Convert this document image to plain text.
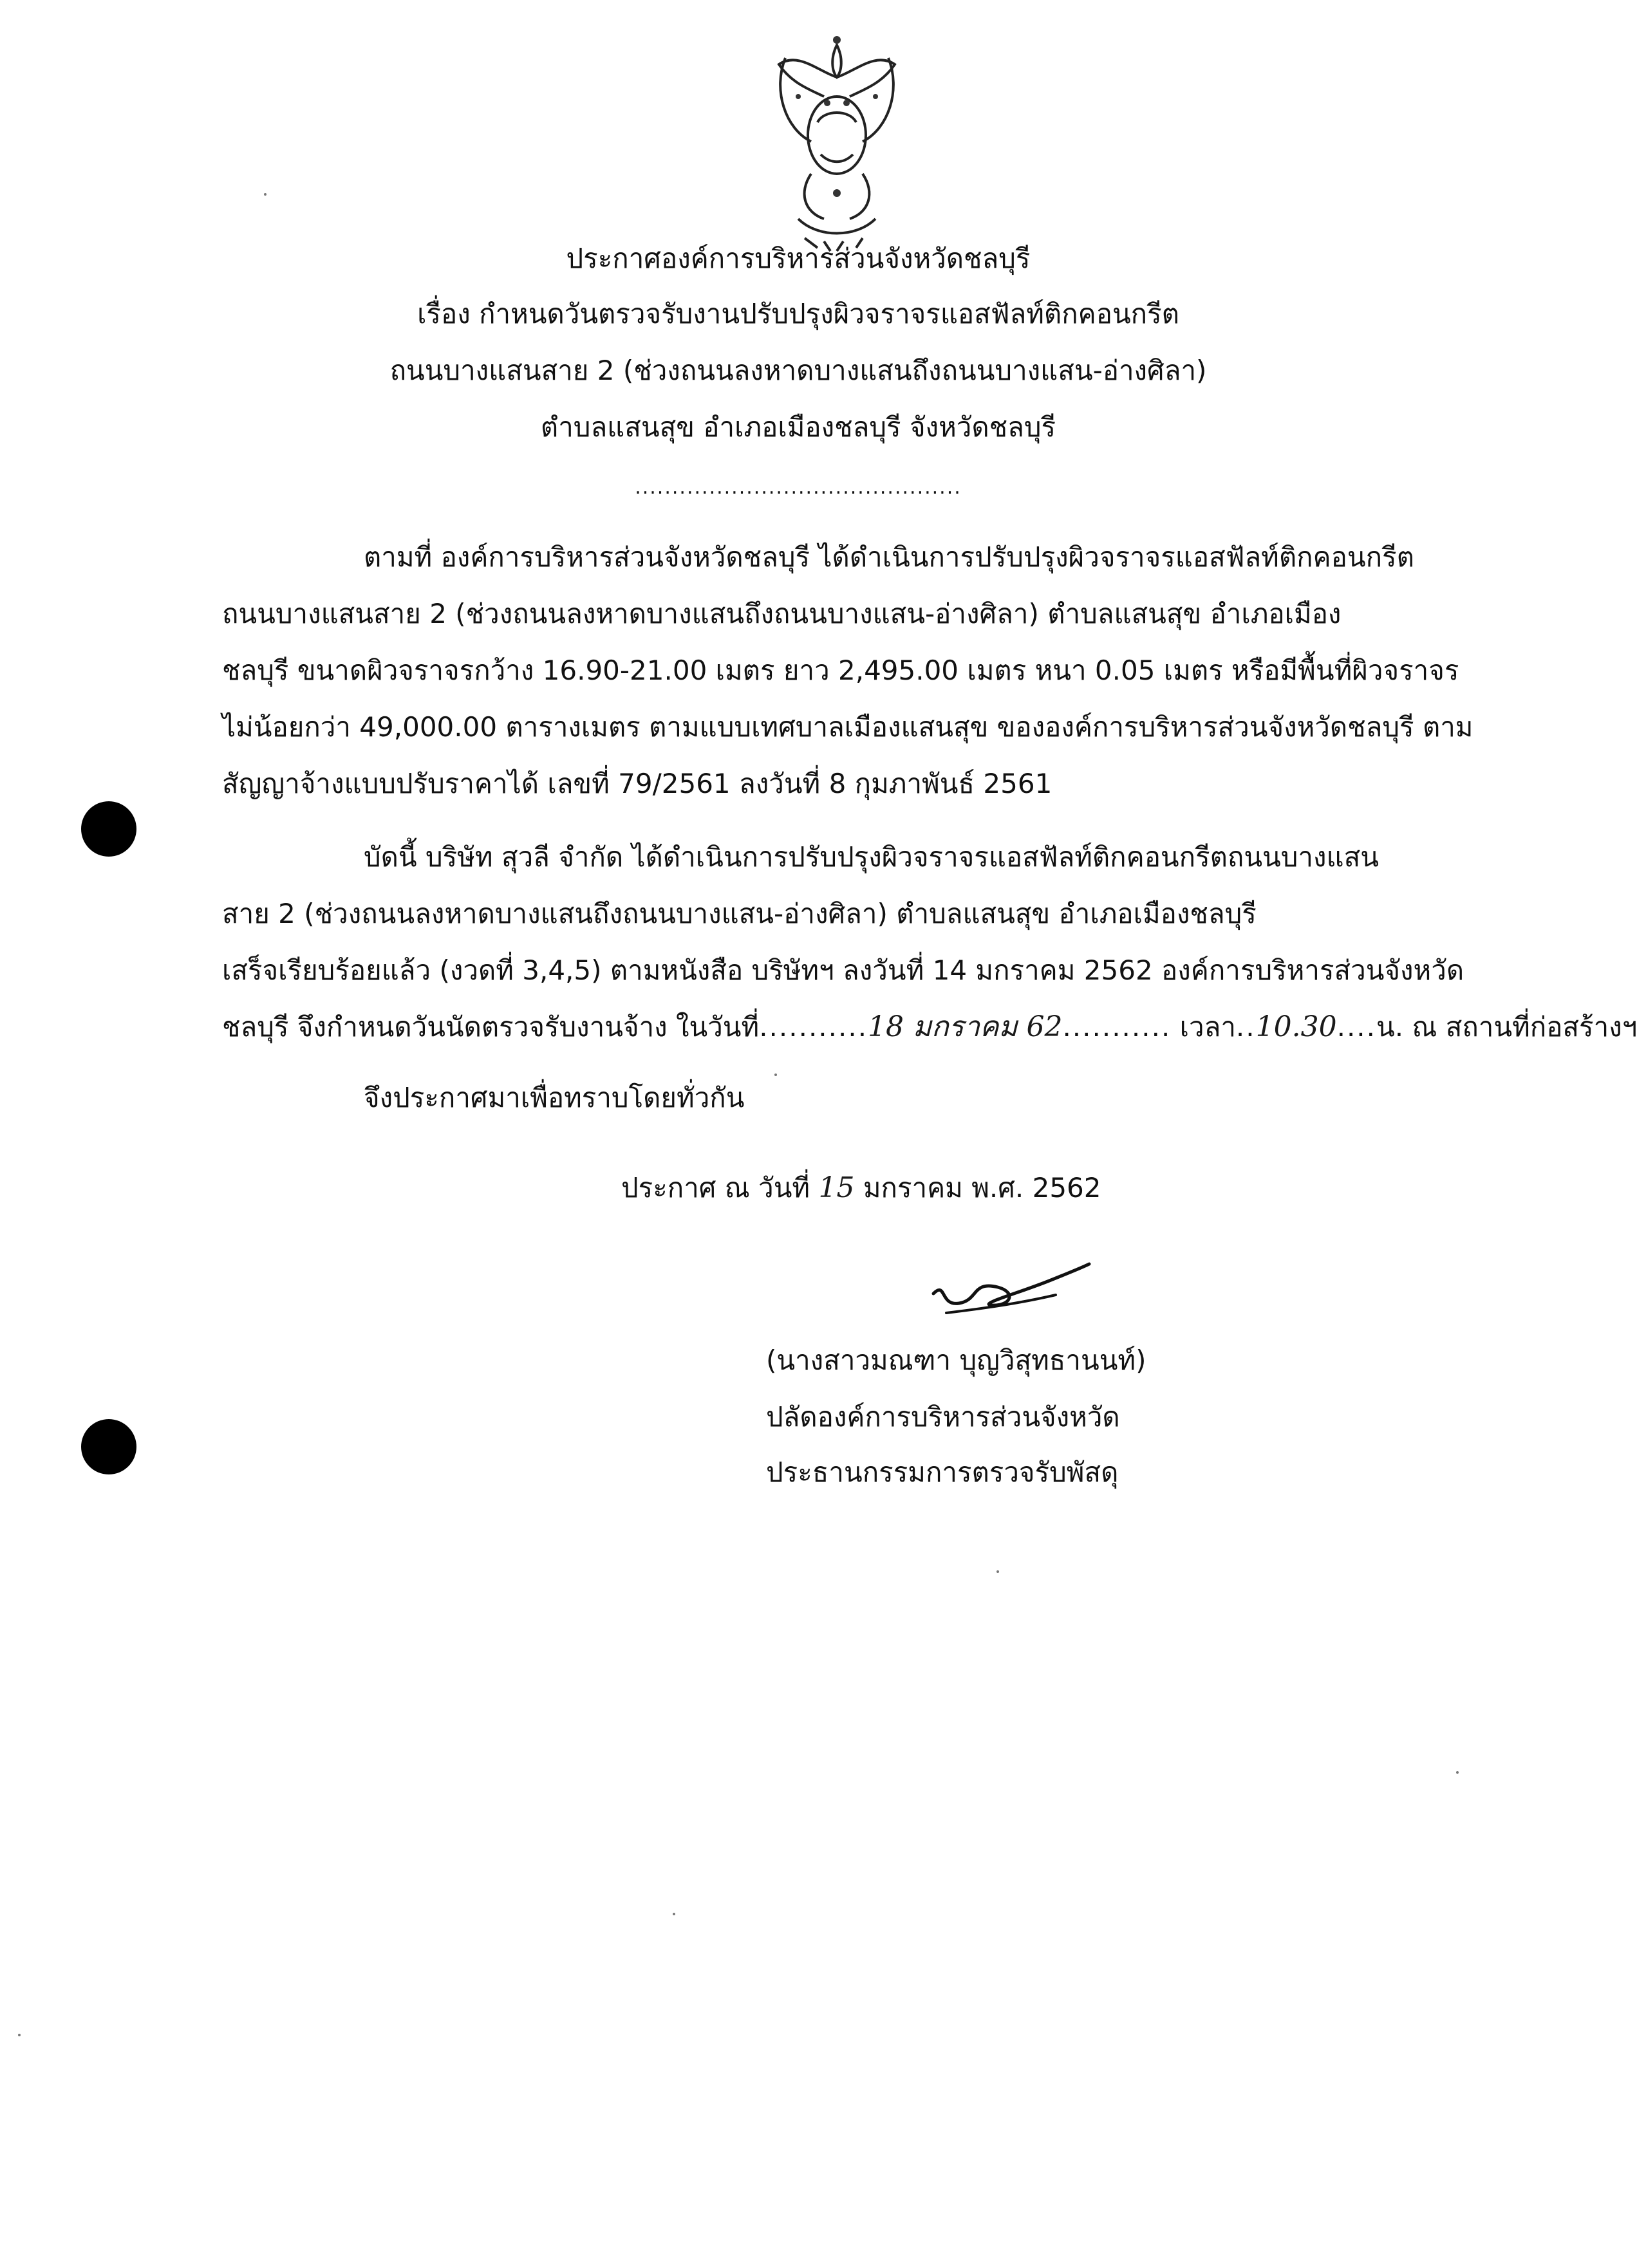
ประกาศองค์การบริหารส่วนจังหวัดชลบุรี
เรื่อง กำหนดวันตรวจรับงานปรับปรุงผิวจราจรแอสฟัลท์ติกคอนกรีต
ถนนบางแสนสาย 2 (ช่วงถนนลงหาดบางแสนถึงถนนบางแสน-อ่างศิลา)
ตำบลแสนสุข อำเภอเมืองชลบุรี จังหวัดชลบุรี
............................................
ตามที่ องค์การบริหารส่วนจังหวัดชลบุรี ได้ดำเนินการปรับปรุงผิวจราจรแอสฟัลท์ติกคอนกรีต
ถนนบางแสนสาย 2 (ช่วงถนนลงหาดบางแสนถึงถนนบางแสน-อ่างศิลา) ตำบลแสนสุข อำเภอเมือง
ชลบุรี ขนาดผิวจราจรกว้าง 16.90-21.00 เมตร ยาว 2,495.00 เมตร หนา 0.05 เมตร หรือมีพื้นที่ผิวจราจร
ไม่น้อยกว่า 49,000.00 ตารางเมตร ตามแบบเทศบาลเมืองแสนสุข ขององค์การบริหารส่วนจังหวัดชลบุรี ตาม
สัญญาจ้างแบบปรับราคาได้ เลขที่ 79/2561 ลงวันที่ 8 กุมภาพันธ์ 2561
บัดนี้ บริษัท สุวลี จำกัด ได้ดำเนินการปรับปรุงผิวจราจรแอสฟัลท์ติกคอนกรีตถนนบางแสน
สาย 2 (ช่วงถนนลงหาดบางแสนถึงถนนบางแสน-อ่างศิลา) ตำบลแสนสุข อำเภอเมืองชลบุรี
เสร็จเรียบร้อยแล้ว (งวดที่ 3,4,5) ตามหนังสือ บริษัทฯ ลงวันที่ 14 มกราคม 2562 องค์การบริหารส่วนจังหวัด
ชลบุรี จึงกำหนดวันนัดตรวจรับงานจ้าง ในวันที่...........18 มกราคม 62........... เวลา..10.30....น. ณ สถานที่ก่อสร้างฯ
จึงประกาศมาเพื่อทราบโดยทั่วกัน
ประกาศ ณ วันที่ 15 มกราคม พ.ศ. 2562
(นางสาวมณฑา บุญวิสุทธานนท์)
ปลัดองค์การบริหารส่วนจังหวัด
ประธานกรรมการตรวจรับพัสดุ
